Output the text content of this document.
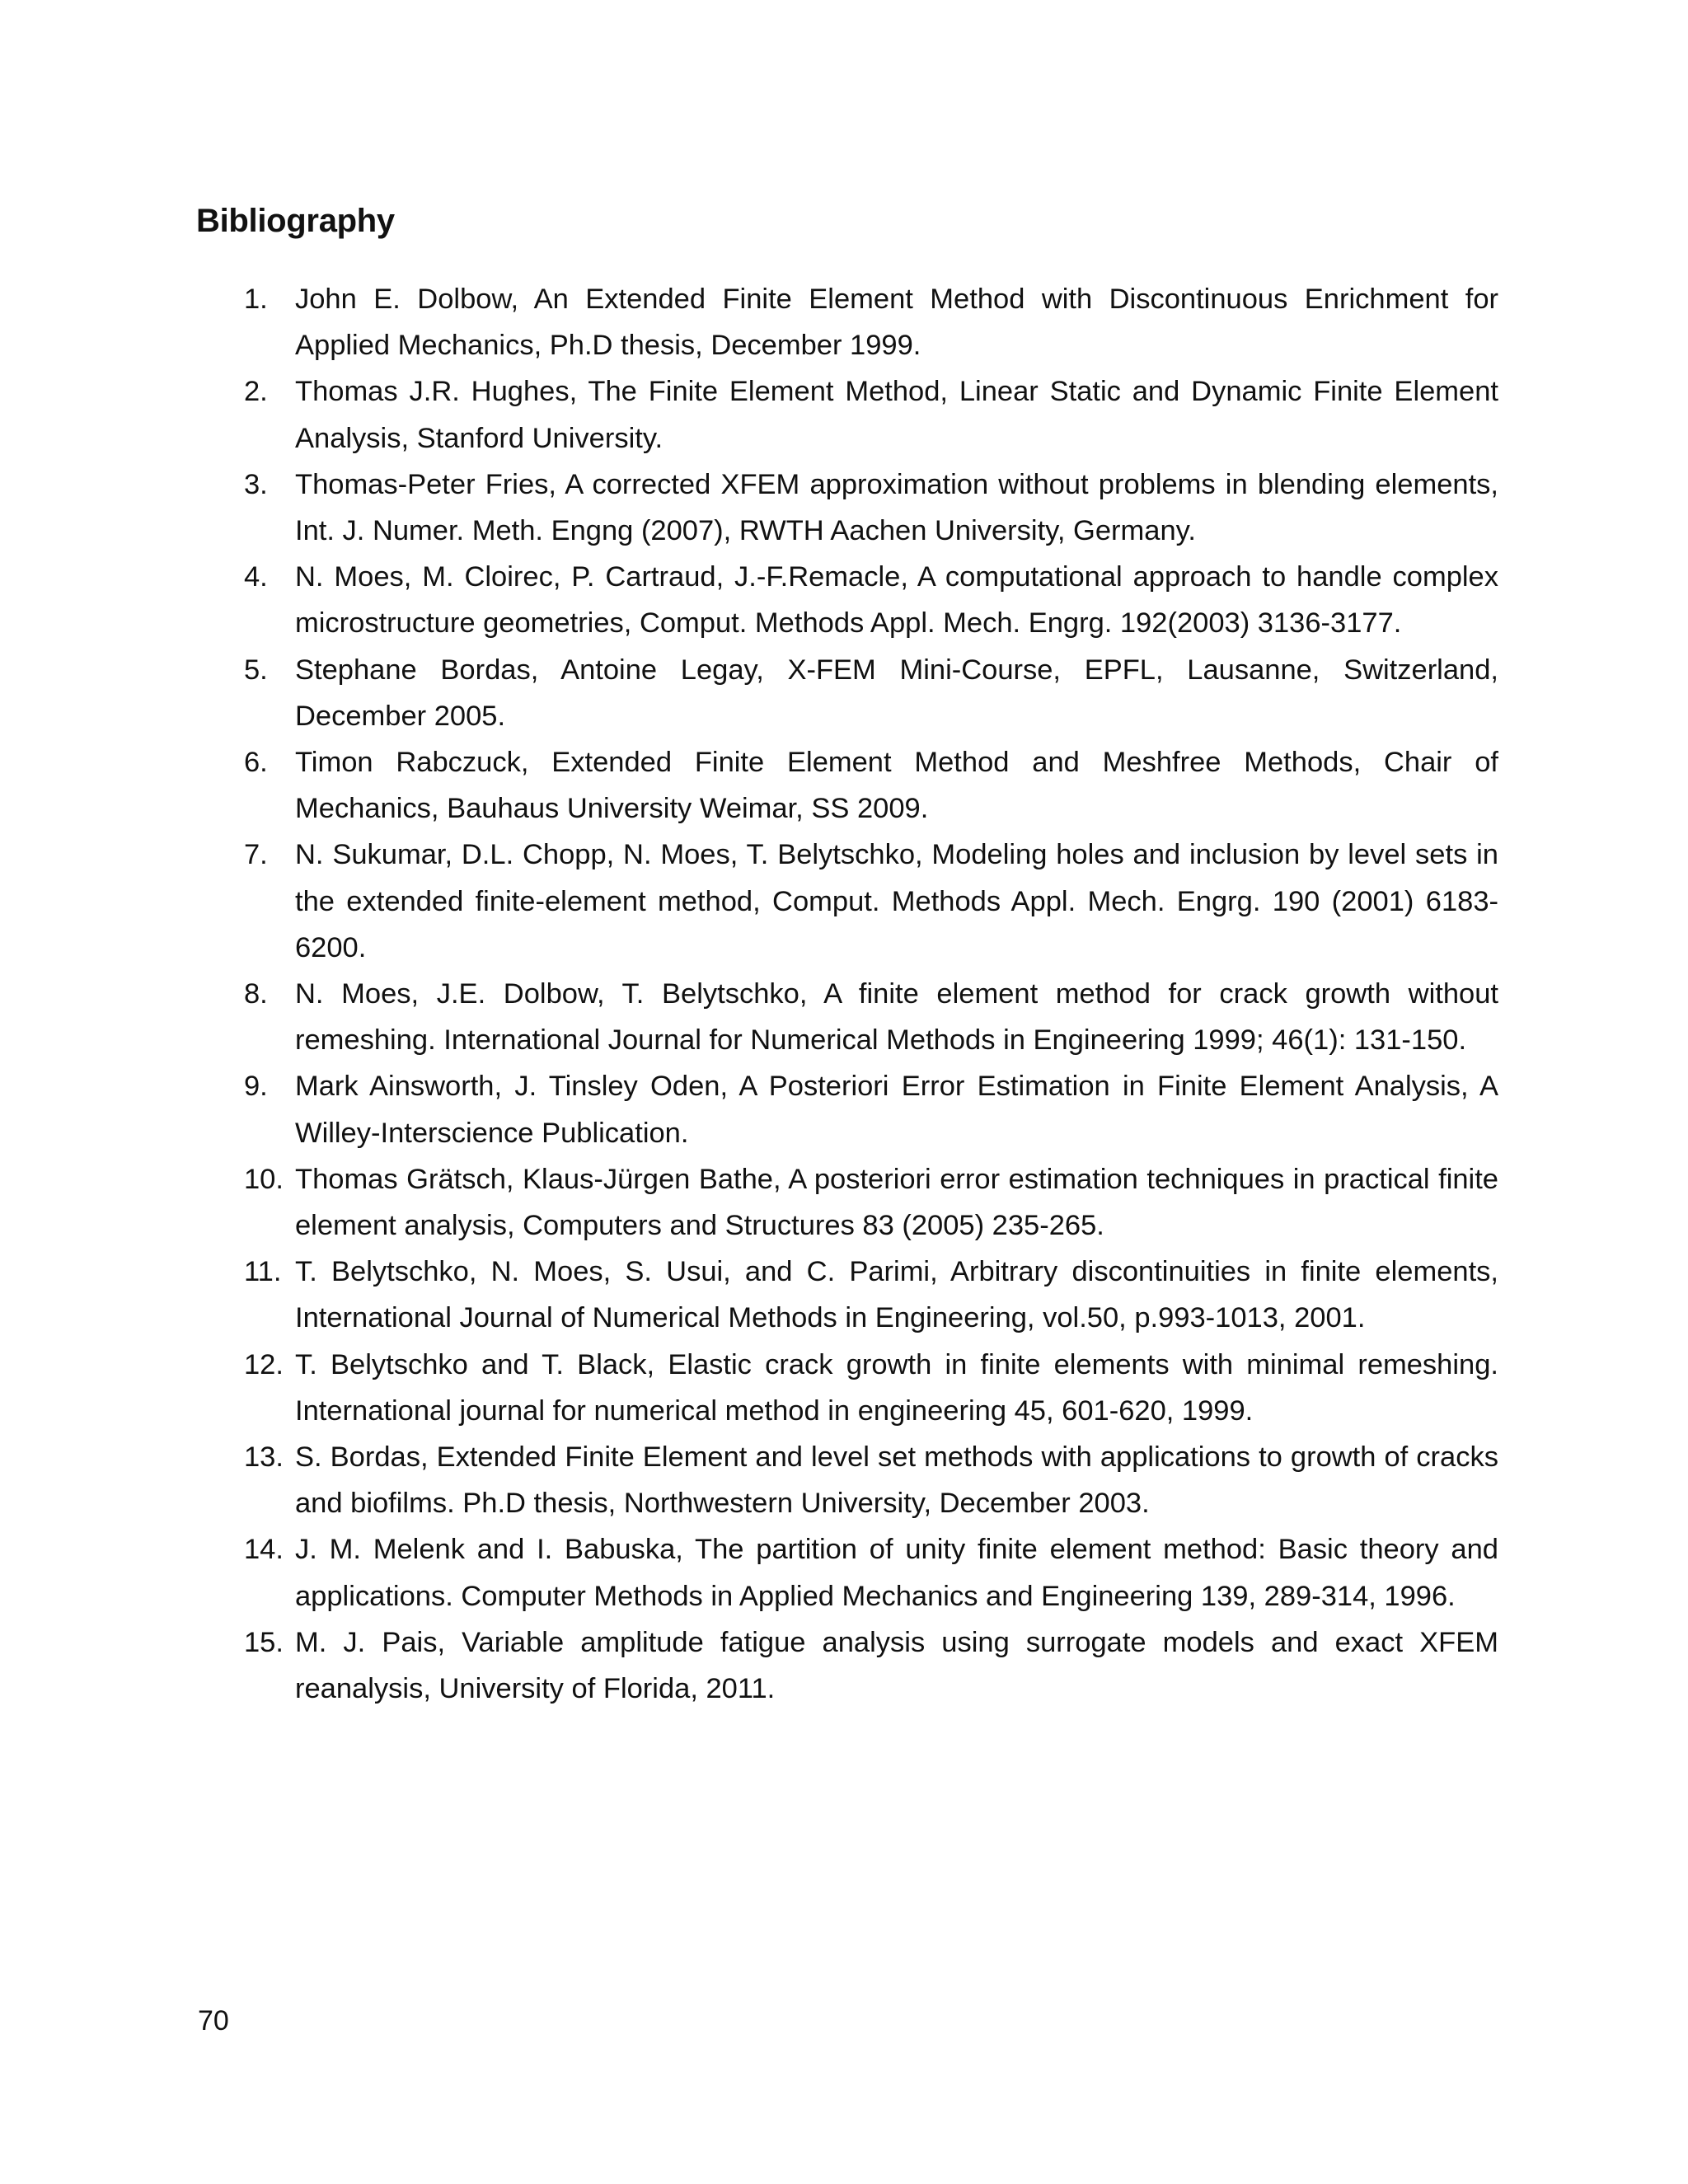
Bibliography
1. John E. Dolbow, An Extended Finite Element Method with Discontinuous Enrichment for Applied Mechanics, Ph.D thesis, December 1999.
2. Thomas J.R. Hughes, The Finite Element Method, Linear Static and Dynamic Finite Element Analysis, Stanford University.
3. Thomas-Peter Fries, A corrected XFEM approximation without problems in blending elements, Int. J. Numer. Meth. Engng (2007), RWTH Aachen University, Germany.
4. N. Moes, M. Cloirec, P. Cartraud, J.-F.Remacle, A computational approach to handle complex microstructure geometries, Comput. Methods Appl. Mech. Engrg. 192(2003) 3136-3177.
5. Stephane Bordas, Antoine Legay, X-FEM Mini-Course, EPFL, Lausanne, Switzerland, December 2005.
6. Timon Rabczuck, Extended Finite Element Method and Meshfree Methods, Chair of Mechanics, Bauhaus University Weimar, SS 2009.
7. N. Sukumar, D.L. Chopp, N. Moes, T. Belytschko, Modeling holes and inclusion by level sets in the extended finite-element method, Comput. Methods Appl. Mech. Engrg. 190 (2001) 6183-6200.
8. N. Moes, J.E. Dolbow, T. Belytschko, A finite element method for crack growth without remeshing. International Journal for Numerical Methods in Engineering 1999; 46(1): 131-150.
9. Mark Ainsworth, J. Tinsley Oden, A Posteriori Error Estimation in Finite Element Analysis, A Willey-Interscience Publication.
10. Thomas Grätsch, Klaus-Jürgen Bathe, A posteriori error estimation techniques in practical finite element analysis, Computers and Structures 83 (2005) 235-265.
11. T. Belytschko, N. Moes, S. Usui, and C. Parimi, Arbitrary discontinuities in finite elements, International Journal of Numerical Methods in Engineering, vol.50, p.993-1013, 2001.
12. T. Belytschko and T. Black, Elastic crack growth in finite elements with minimal remeshing. International journal for numerical method in engineering 45, 601-620, 1999.
13. S. Bordas, Extended Finite Element and level set methods with applications to growth of cracks and biofilms. Ph.D thesis, Northwestern University, December 2003.
14. J. M. Melenk and I. Babuska, The partition of unity finite element method: Basic theory and applications. Computer Methods in Applied Mechanics and Engineering 139, 289-314, 1996.
15. M. J. Pais, Variable amplitude fatigue analysis using surrogate models and exact XFEM reanalysis, University of Florida, 2011.
70
